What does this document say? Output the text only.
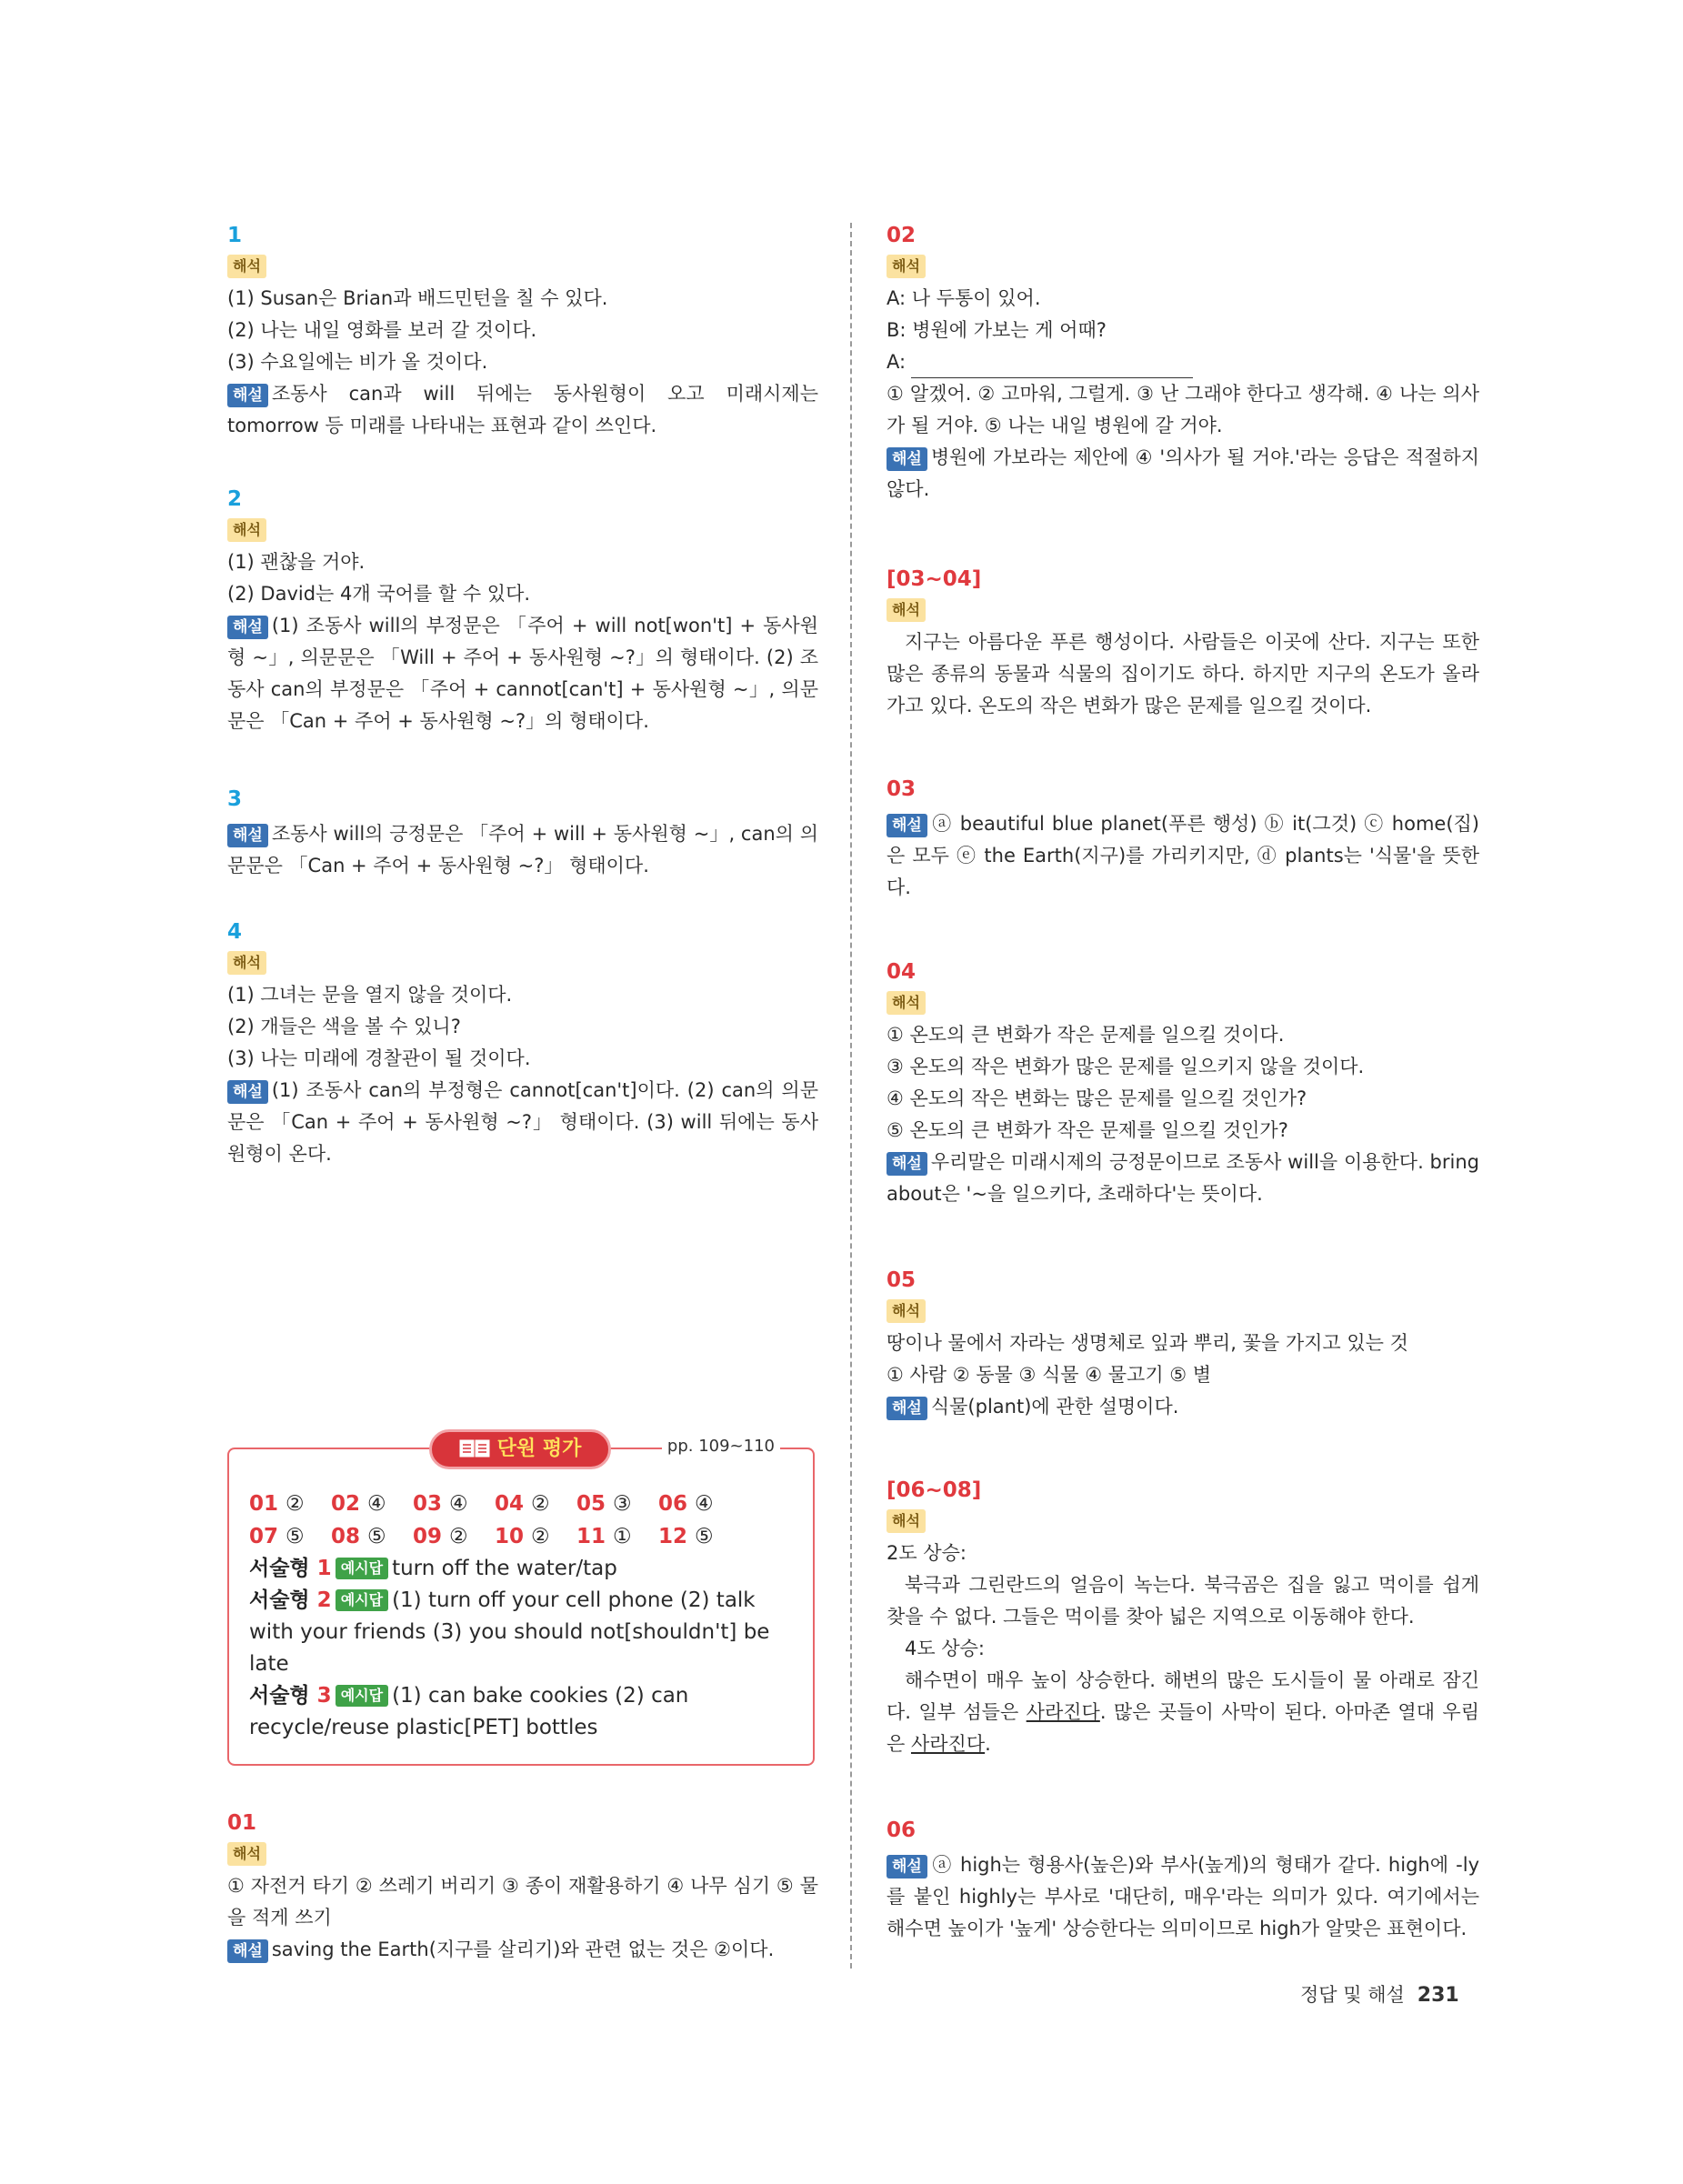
1
해석
(1) Susan은 Brian과 배드민턴을 칠 수 있다.
(2) 나는 내일 영화를 보러 갈 것이다.
(3) 수요일에는 비가 올 것이다.
해설 조동사 can과 will 뒤에는 동사원형이 오고 미래시제는 tomorrow 등 미래를 나타내는 표현과 같이 쓰인다.
2
해석
(1) 괜찮을 거야.
(2) David는 4개 국어를 할 수 있다.
해설 (1) 조동사 will의 부정문은 「주어 + will not[won't] + 동사원형 ~」, 의문문은 「Will + 주어 + 동사원형 ~?」의 형태이다. (2) 조동사 can의 부정문은 「주어 + cannot[can't] + 동사원형 ~」, 의문문은 「Can + 주어 + 동사원형 ~?」의 형태이다.
3
해설 조동사 will의 긍정문은 「주어 + will + 동사원형 ~」, can의 의문문은 「Can + 주어 + 동사원형 ~?」 형태이다.
4
해석
(1) 그녀는 문을 열지 않을 것이다.
(2) 개들은 색을 볼 수 있니?
(3) 나는 미래에 경찰관이 될 것이다.
해설 (1) 조동사 can의 부정형은 cannot[can't]이다. (2) can의 의문문은 「Can + 주어 + 동사원형 ~?」 형태이다. (3) will 뒤에는 동사원형이 온다.
단원 평가	pp. 109~110
01 ② 02 ④ 03 ④ 04 ② 05 ③ 06 ④
07 ⑤ 08 ⑤ 09 ② 10 ② 11 ① 12 ⑤
서술형 1 예시답 turn off the water/tap
서술형 2 예시답 (1) turn off your cell phone (2) talk with your friends (3) you should not[shouldn't] be late
서술형 3 예시답 (1) can bake cookies (2) can recycle/reuse plastic[PET] bottles
01
해석
① 자전거 타기 ② 쓰레기 버리기 ③ 종이 재활용하기 ④ 나무 심기 ⑤ 물을 적게 쓰기
해설 saving the Earth(지구를 살리기)와 관련 없는 것은 ②이다.
02
해석
A: 나 두통이 있어.
B: 병원에 가보는 게 어때?
A:
① 알겠어. ② 고마워, 그럴게. ③ 난 그래야 한다고 생각해. ④ 나는 의사가 될 거야. ⑤ 나는 내일 병원에 갈 거야.
해설 병원에 가보라는 제안에 ④ '의사가 될 거야.'라는 응답은 적절하지 않다.
[03~04]
해석
지구는 아름다운 푸른 행성이다. 사람들은 이곳에 산다. 지구는 또한 많은 종류의 동물과 식물의 집이기도 하다. 하지만 지구의 온도가 올라가고 있다. 온도의 작은 변화가 많은 문제를 일으킬 것이다.
03
해설 ⓐ beautiful blue planet(푸른 행성) ⓑ it(그것) ⓒ home(집)은 모두 ⓔ the Earth(지구)를 가리키지만, ⓓ plants는 '식물'을 뜻한다.
04
해석
① 온도의 큰 변화가 작은 문제를 일으킬 것이다.
③ 온도의 작은 변화가 많은 문제를 일으키지 않을 것이다.
④ 온도의 작은 변화는 많은 문제를 일으킬 것인가?
⑤ 온도의 큰 변화가 작은 문제를 일으킬 것인가?
해설 우리말은 미래시제의 긍정문이므로 조동사 will을 이용한다. bring about은 '~을 일으키다, 초래하다'는 뜻이다.
05
해석
땅이나 물에서 자라는 생명체로 잎과 뿌리, 꽃을 가지고 있는 것
① 사람 ② 동물 ③ 식물 ④ 물고기 ⑤ 별
해설 식물(plant)에 관한 설명이다.
[06~08]
해석
2도 상승:
북극과 그린란드의 얼음이 녹는다. 북극곰은 집을 잃고 먹이를 쉽게 찾을 수 없다. 그들은 먹이를 찾아 넓은 지역으로 이동해야 한다.
4도 상승:
해수면이 매우 높이 상승한다. 해변의 많은 도시들이 물 아래로 잠긴다. 일부 섬들은 사라진다. 많은 곳들이 사막이 된다. 아마존 열대 우림은 사라진다.
06
해설 ⓐ high는 형용사(높은)와 부사(높게)의 형태가 같다. high에 -ly를 붙인 highly는 부사로 '대단히, 매우'라는 의미가 있다. 여기에서는 해수면 높이가 '높게' 상승한다는 의미이므로 high가 알맞은 표현이다.
정답 및 해설 231
